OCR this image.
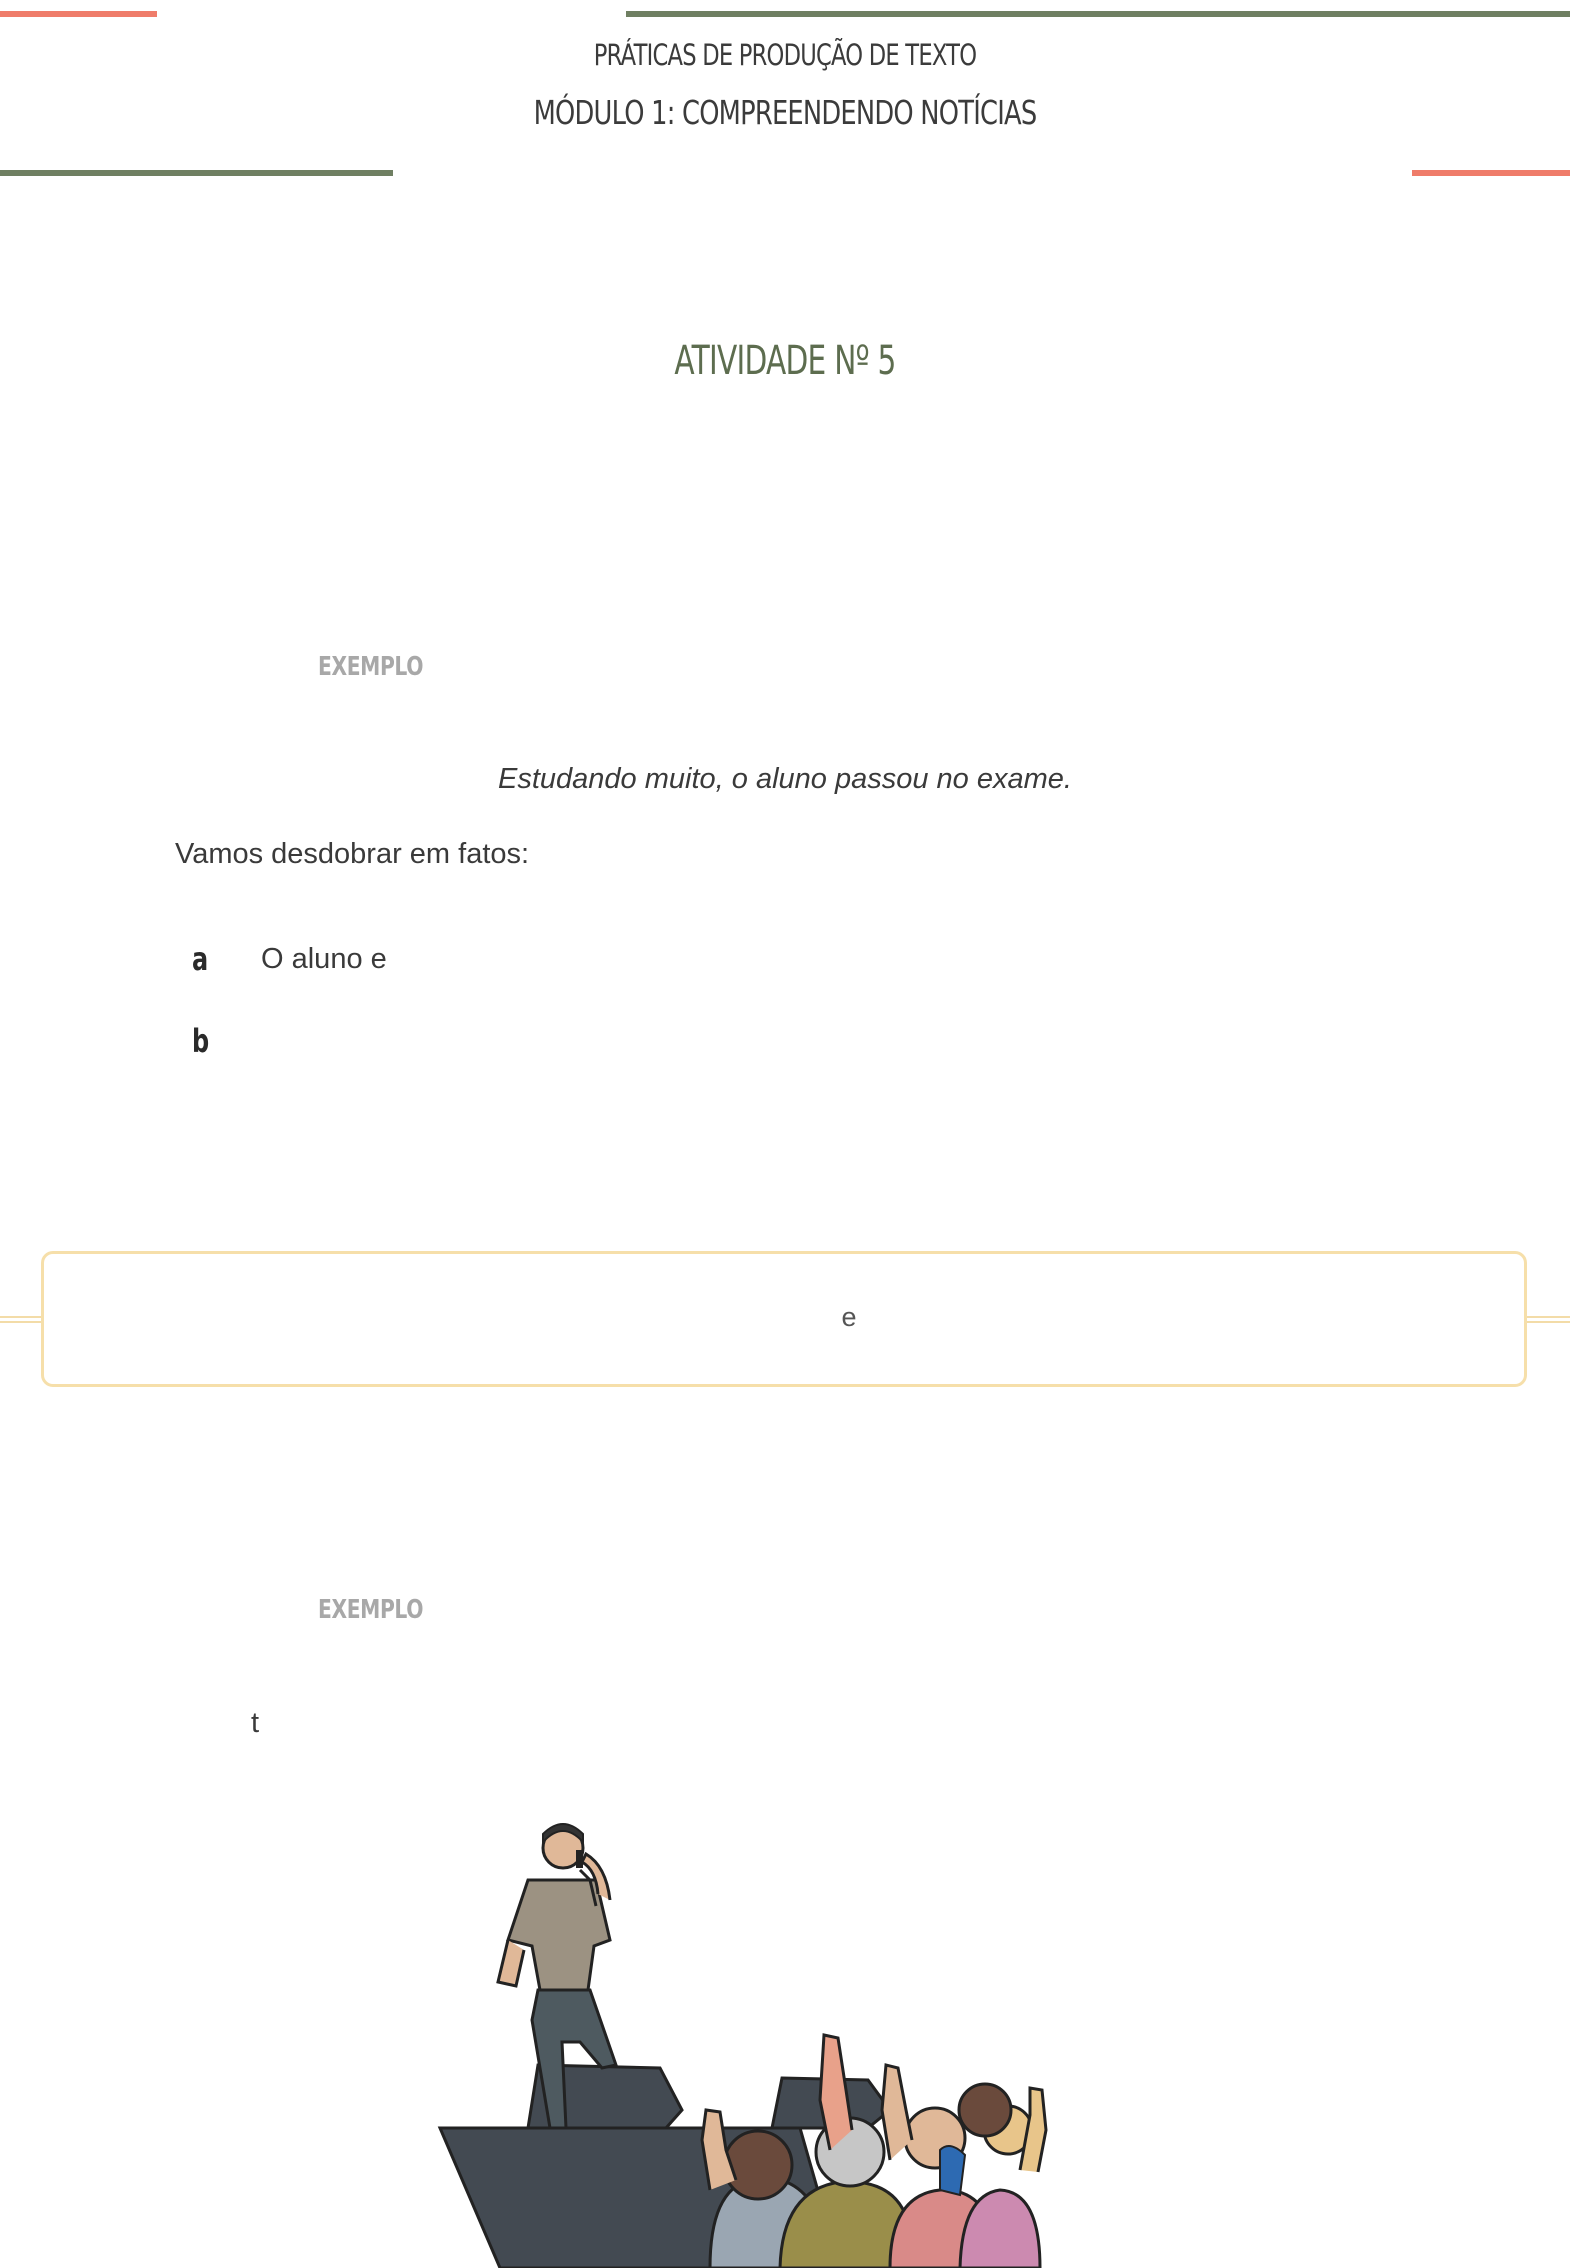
PRÁTICAS DE PRODUÇÃO DE TEXTO
MÓDULO 1: COMPREENDENDO NOTÍCIAS
ATIVIDADE Nº 5
EXEMPLO
Estudando muito, o aluno passou no exame.
Vamos desdobrar em fatos:
a O aluno e
b
e
EXEMPLO
t
